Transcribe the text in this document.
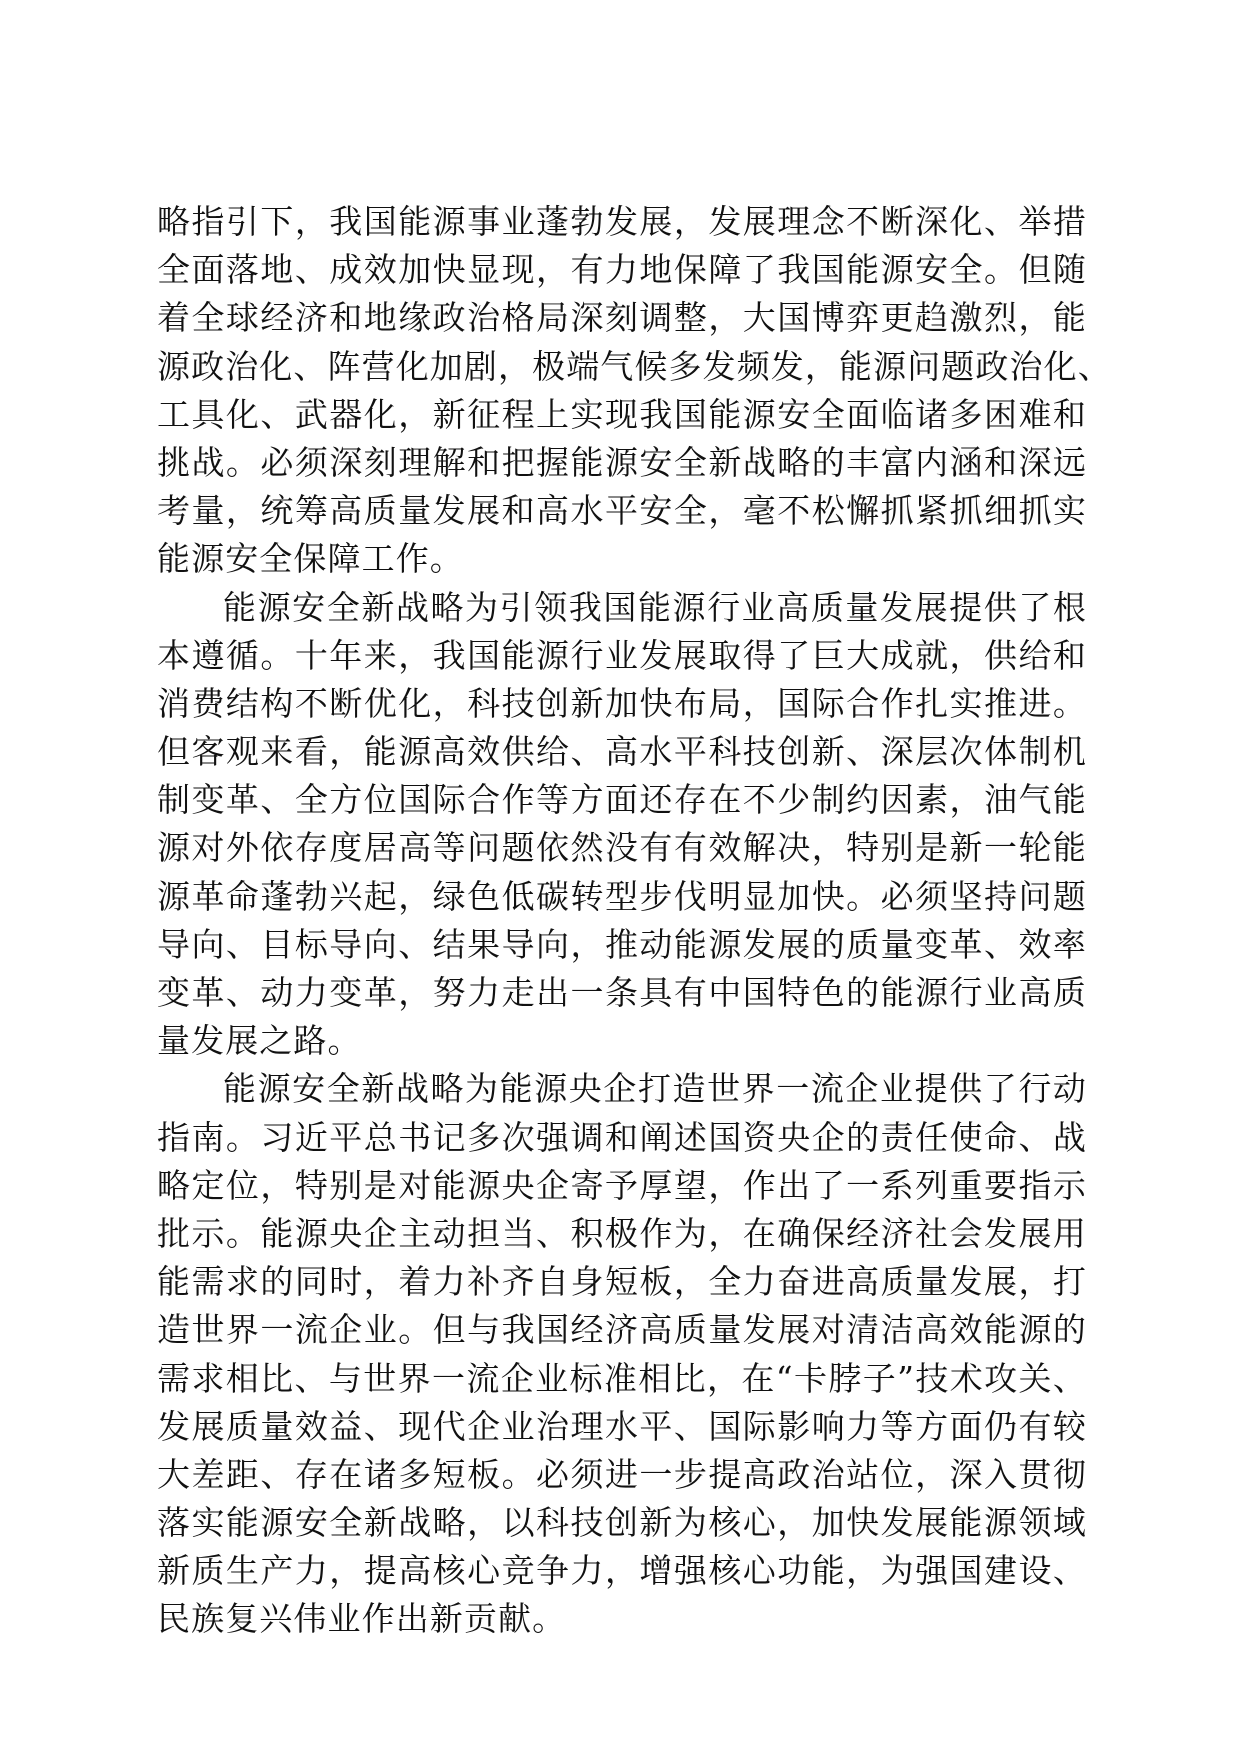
略指引下，我国能源事业蓬勃发展，发展理念不断深化、举措
全面落地、成效加快显现，有力地保障了我国能源安全。但随
着全球经济和地缘政治格局深刻调整，大国博弈更趋激烈，能
源政治化、阵营化加剧，极端气候多发频发，能源问题政治化、
工具化、武器化，新征程上实现我国能源安全面临诸多困难和
挑战。必须深刻理解和把握能源安全新战略的丰富内涵和深远
考量，统筹高质量发展和高水平安全，毫不松懈抓紧抓细抓实
能源安全保障工作。
能源安全新战略为引领我国能源行业高质量发展提供了根
本遵循。十年来，我国能源行业发展取得了巨大成就，供给和
消费结构不断优化，科技创新加快布局，国际合作扎实推进。
但客观来看，能源高效供给、高水平科技创新、深层次体制机
制变革、全方位国际合作等方面还存在不少制约因素，油气能
源对外依存度居高等问题依然没有有效解决，特别是新一轮能
源革命蓬勃兴起，绿色低碳转型步伐明显加快。必须坚持问题
导向、目标导向、结果导向，推动能源发展的质量变革、效率
变革、动力变革，努力走出一条具有中国特色的能源行业高质
量发展之路。
能源安全新战略为能源央企打造世界一流企业提供了行动
指南。习近平总书记多次强调和阐述国资央企的责任使命、战
略定位，特别是对能源央企寄予厚望，作出了一系列重要指示
批示。能源央企主动担当、积极作为，在确保经济社会发展用
能需求的同时，着力补齐自身短板，全力奋进高质量发展，打
造世界一流企业。但与我国经济高质量发展对清洁高效能源的
需求相比、与世界一流企业标准相比，在“卡脖子”技术攻关、
发展质量效益、现代企业治理水平、国际影响力等方面仍有较
大差距、存在诸多短板。必须进一步提高政治站位，深入贯彻
落实能源安全新战略，以科技创新为核心，加快发展能源领域
新质生产力，提高核心竞争力，增强核心功能，为强国建设、
民族复兴伟业作出新贡献。
